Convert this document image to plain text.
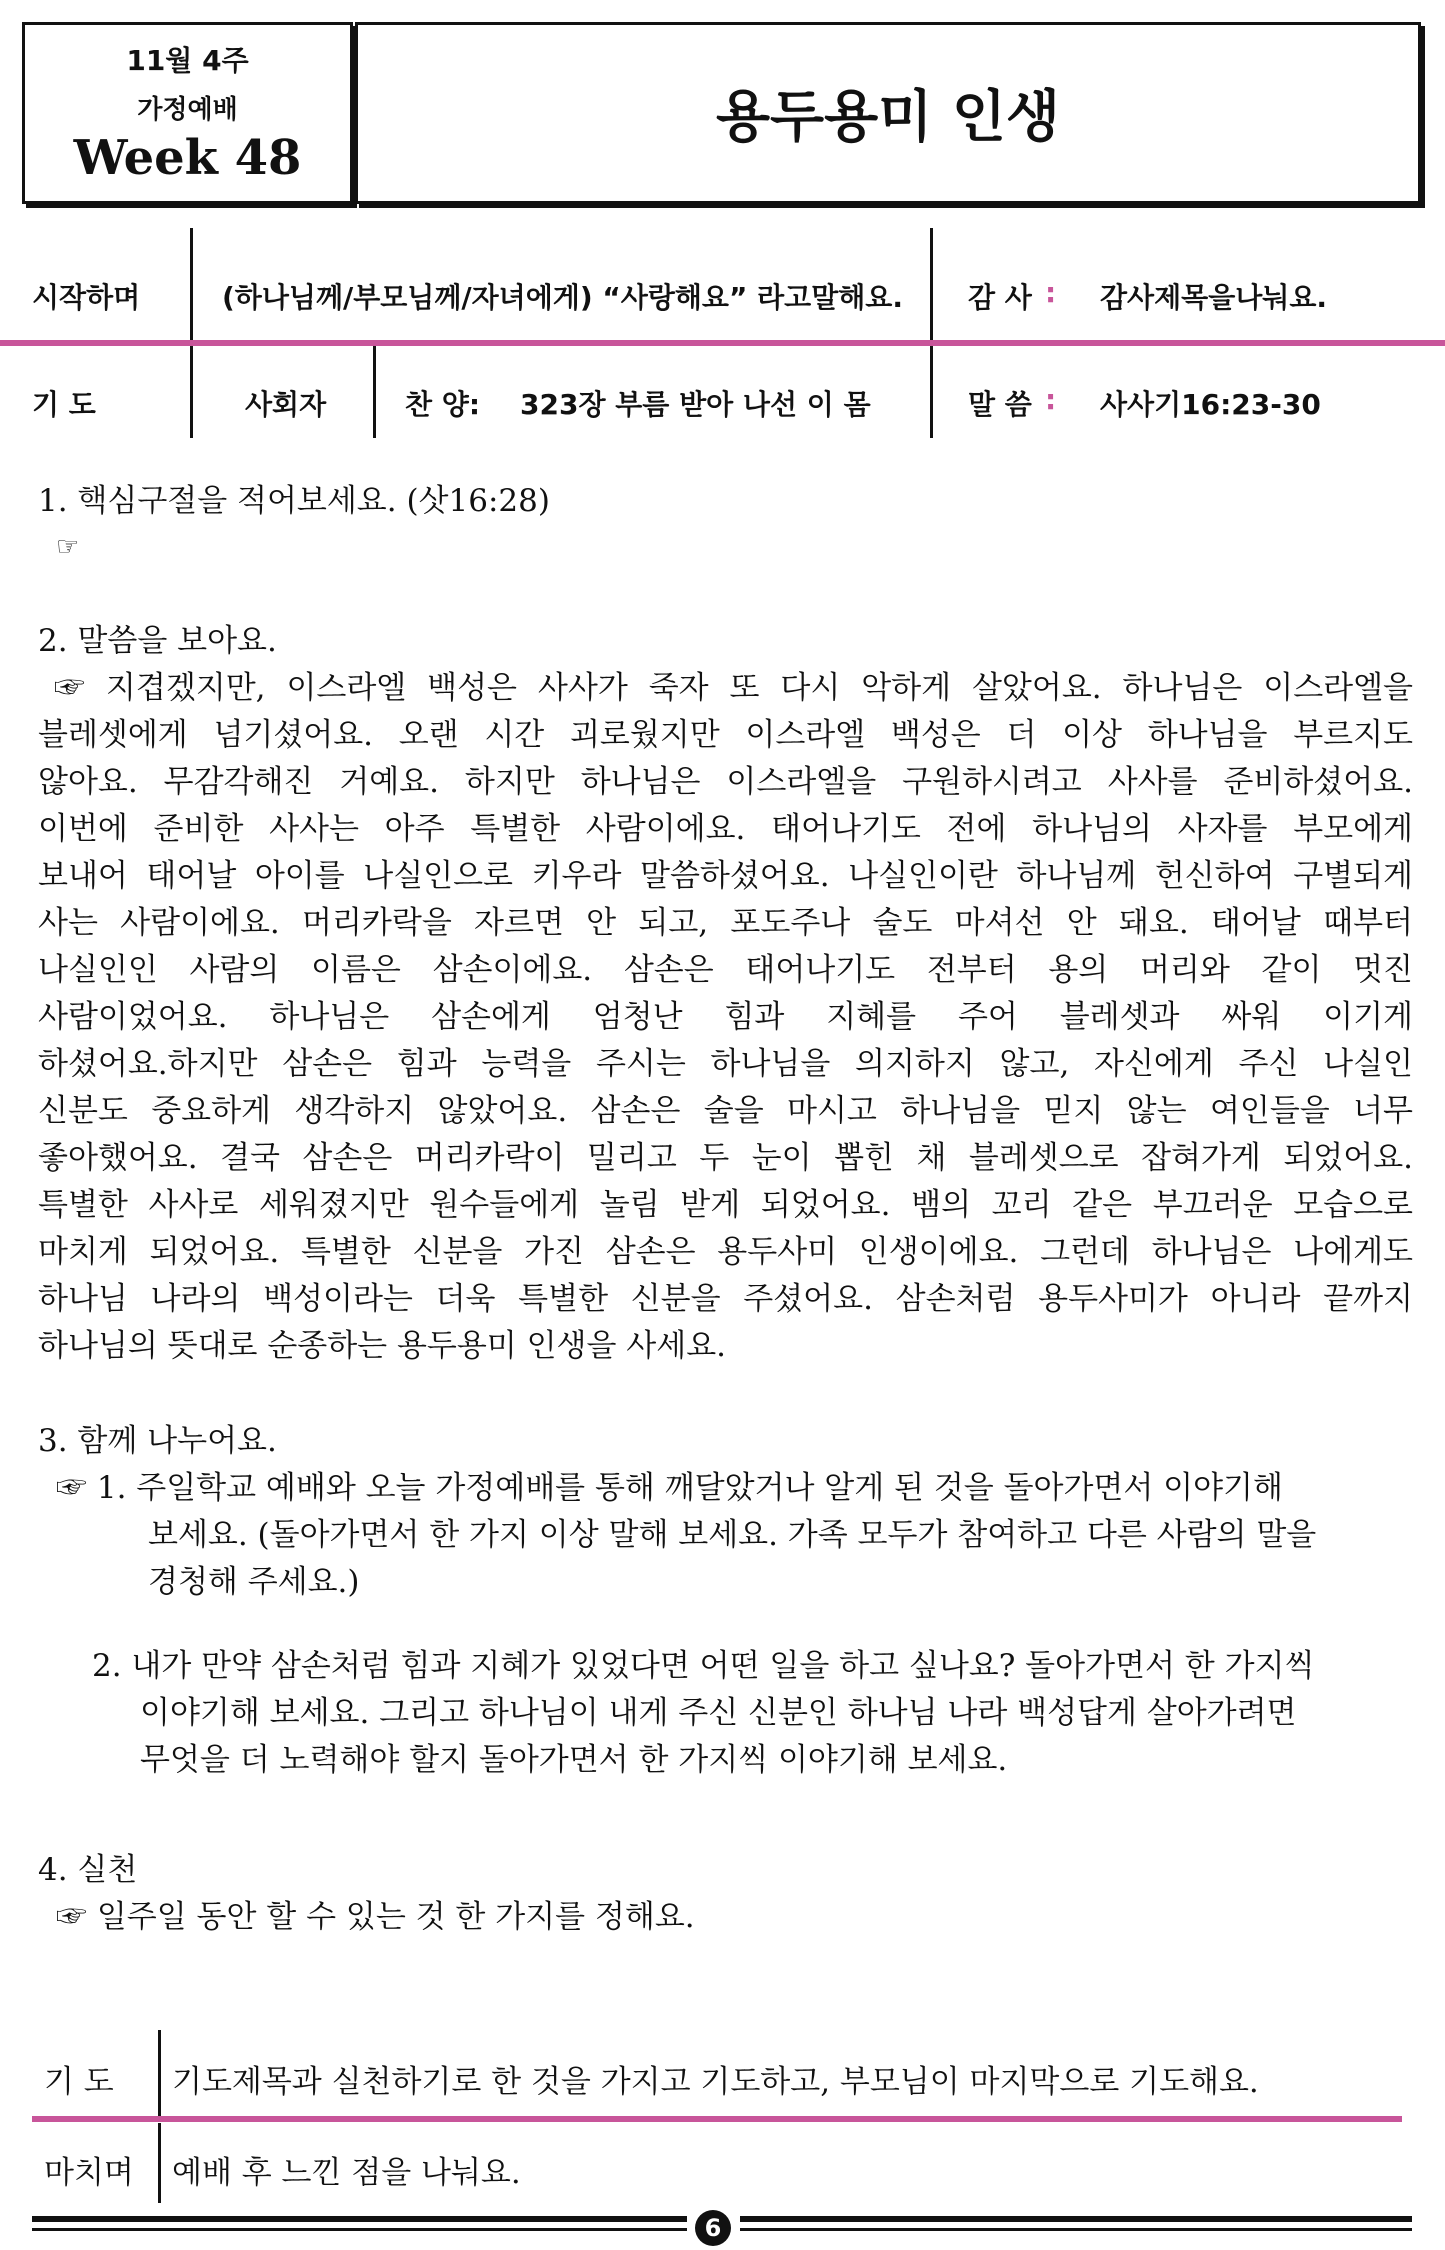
11월 4주
가정예배
Week 48
용두용미 인생
시작하며	(하나님께/부모님께/자녀에게) “사랑해요” 라고말해요. 감 사 : 감사제목을나눠요.
기 도	사회자	찬 양: 323장 부름 받아 나선 이 몸	말 씀 : 사사기16:23-30
1. 핵심구절을 적어보세요. (삿16:28)
☞
2. 말씀을 보아요.
☞ 지겹겠지만, 이스라엘 백성은 사사가 죽자 또 다시 악하게 살았어요. 하나님은 이스라엘을
블레셋에게 넘기셨어요. 오랜 시간 괴로웠지만 이스라엘 백성은 더 이상 하나님을 부르지도
않아요. 무감각해진 거예요. 하지만 하나님은 이스라엘을 구원하시려고 사사를 준비하셨어요.
이번에 준비한 사사는 아주 특별한 사람이에요. 태어나기도 전에 하나님의 사자를 부모에게
보내어 태어날 아이를 나실인으로 키우라 말씀하셨어요. 나실인이란 하나님께 헌신하여 구별되게
사는 사람이에요. 머리카락을 자르면 안 되고, 포도주나 술도 마셔선 안 돼요. 태어날 때부터
나실인인 사람의 이름은 삼손이에요. 삼손은 태어나기도 전부터 용의 머리와 같이 멋진
사람이었어요. 하나님은 삼손에게 엄청난 힘과 지혜를 주어 블레셋과 싸워 이기게
하셨어요.하지만 삼손은 힘과 능력을 주시는 하나님을 의지하지 않고, 자신에게 주신 나실인
신분도 중요하게 생각하지 않았어요. 삼손은 술을 마시고 하나님을 믿지 않는 여인들을 너무
좋아했어요. 결국 삼손은 머리카락이 밀리고 두 눈이 뽑힌 채 블레셋으로 잡혀가게 되었어요.
특별한 사사로 세워졌지만 원수들에게 놀림 받게 되었어요. 뱀의 꼬리 같은 부끄러운 모습으로
마치게 되었어요. 특별한 신분을 가진 삼손은 용두사미 인생이에요. 그런데 하나님은 나에게도
하나님 나라의 백성이라는 더욱 특별한 신분을 주셨어요. 삼손처럼 용두사미가 아니라 끝까지
하나님의 뜻대로 순종하는 용두용미 인생을 사세요.
3. 함께 나누어요.
☞ 1. 주일학교 예배와 오늘 가정예배를 통해 깨달았거나 알게 된 것을 돌아가면서 이야기해
보세요. (돌아가면서 한 가지 이상 말해 보세요. 가족 모두가 참여하고 다른 사람의 말을
경청해 주세요.)
2. 내가 만약 삼손처럼 힘과 지혜가 있었다면 어떤 일을 하고 싶나요? 돌아가면서 한 가지씩
이야기해 보세요. 그리고 하나님이 내게 주신 신분인 하나님 나라 백성답게 살아가려면
무엇을 더 노력해야 할지 돌아가면서 한 가지씩 이야기해 보세요.
4. 실천
☞ 일주일 동안 할 수 있는 것 한 가지를 정해요.
기 도 기도제목과 실천하기로 한 것을 가지고 기도하고, 부모님이 마지막으로 기도해요.
마치며 예배 후 느낀 점을 나눠요.
6
